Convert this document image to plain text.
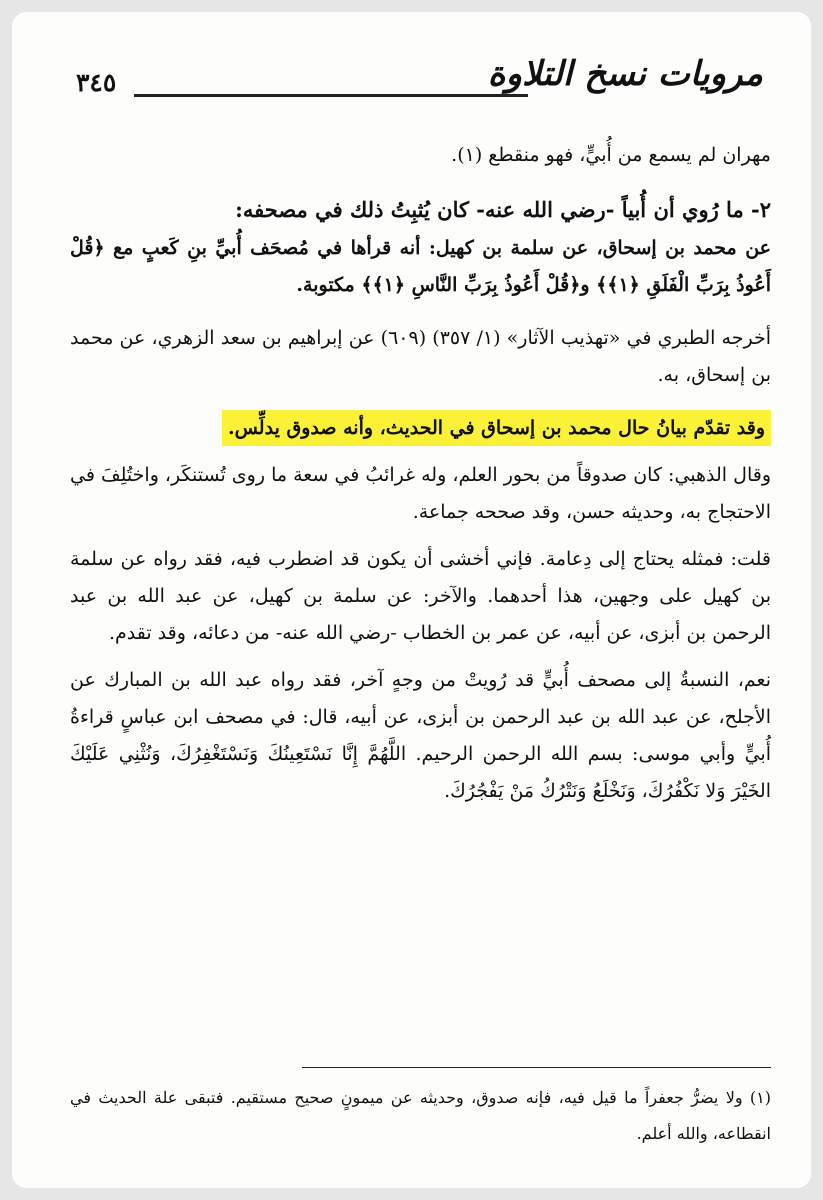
٣٤٥	مرويات نسخ التلاوة

مهران لم يسمع من أُبيٍّ، فهو منقطع (١).

٢- ما رُوي أن أُبياً -رضي الله عنه- كان يُثبِتُ ذلك في مصحفه:

عن محمد بن إسحاق، عن سلمة بن كهيل: أنه قرأها في مُصحَف أُبيِّ بنِ كَعبٍ مع ﴿قُلْ أَعُوذُ بِرَبِّ الْفَلَقِ ﴿١﴾﴾ و﴿قُلْ أَعُوذُ بِرَبِّ النَّاسِ ﴿١﴾﴾ مكتوبة.

أخرجه الطبري في «تهذيب الآثار» (١/ ٣٥٧) (٦٠٩) عن إبراهيم بن سعد الزهري، عن محمد بن إسحاق، به.

وقد تقدّم بيانُ حال محمد بن إسحاق في الحديث، وأنه صدوق يدلِّس.

وقال الذهبي: كان صدوقاً من بحور العلم، وله غرائبُ في سعة ما روى تُستنكَر، واختُلِفَ في الاحتجاج به، وحديثه حسن، وقد صححه جماعة.

قلت: فمثله يحتاج إلى دِعامة. فإني أخشى أن يكون قد اضطرب فيه، فقد رواه عن سلمة بن كهيل على وجهين، هذا أحدهما. والآخر: عن سلمة بن كهيل، عن عبد الله بن عبد الرحمن بن أبزى، عن أبيه، عن عمر بن الخطاب -رضي الله عنه- من دعائه، وقد تقدم.

نعم، النسبةُ إلى مصحف أُبيٍّ قد رُويتْ من وجهٍ آخر، فقد رواه عبد الله بن المبارك عن الأجلح، عن عبد الله بن عبد الرحمن بن أبزى، عن أبيه، قال: في مصحف ابن عباسٍ قراءةُ أُبيٍّ وأبي موسى: بسم الله الرحمن الرحيم. اللَّهُمَّ إِنَّا نَسْتَعِينُكَ وَنَسْتَغْفِرُكَ، وَنُثْنِي عَلَيْكَ الخَيْرَ وَلا نَكْفُرُكَ، وَنَخْلَعُ وَنَتْرُكُ مَنْ يَفْجُرُكَ.

(١) ولا يضرُّ جعفراً ما قيل فيه، فإنه صدوق، وحديثه عن ميمونٍ صحيح مستقيم. فتبقى علة الحديث في انقطاعه، والله أعلم.
